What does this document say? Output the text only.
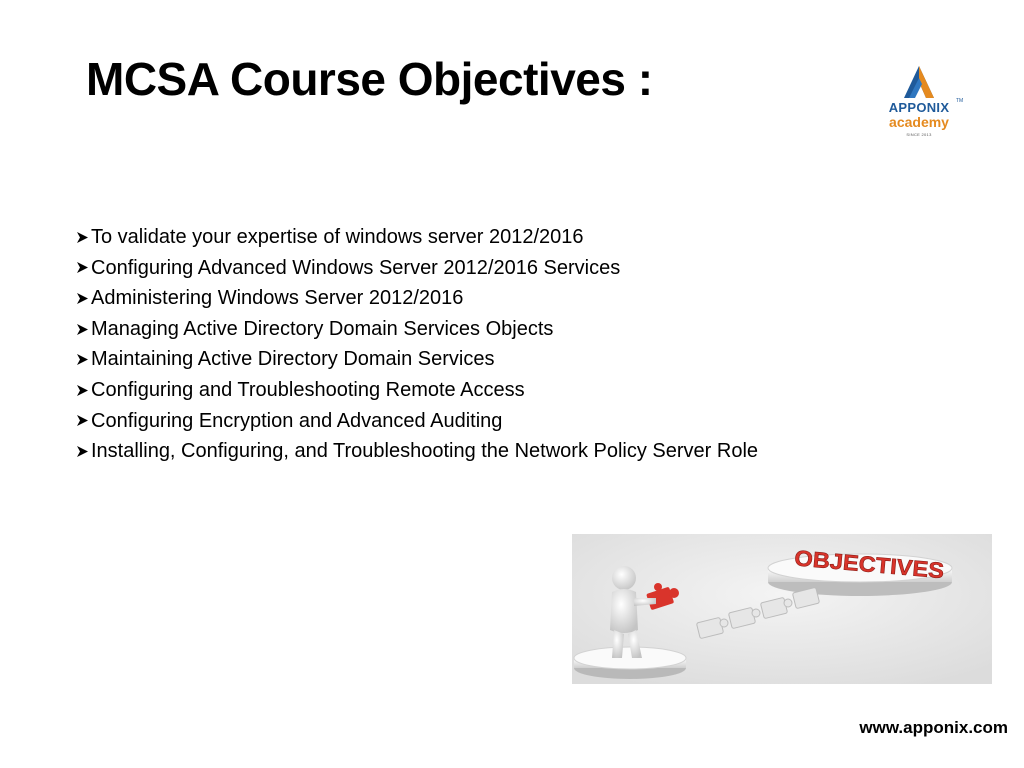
MCSA Course Objectives :
APPONIX	TM
academy
SINCE 2013
To validate your expertise of windows server 2012/2016
Configuring Advanced Windows Server 2012/2016 Services
Administering Windows Server 2012/2016
Managing Active Directory Domain Services Objects
Maintaining Active Directory Domain Services
Configuring and Troubleshooting Remote Access
Configuring Encryption and Advanced Auditing
Installing, Configuring, and Troubleshooting the Network Policy Server Role
OBJECTIVES
www.apponix.com
